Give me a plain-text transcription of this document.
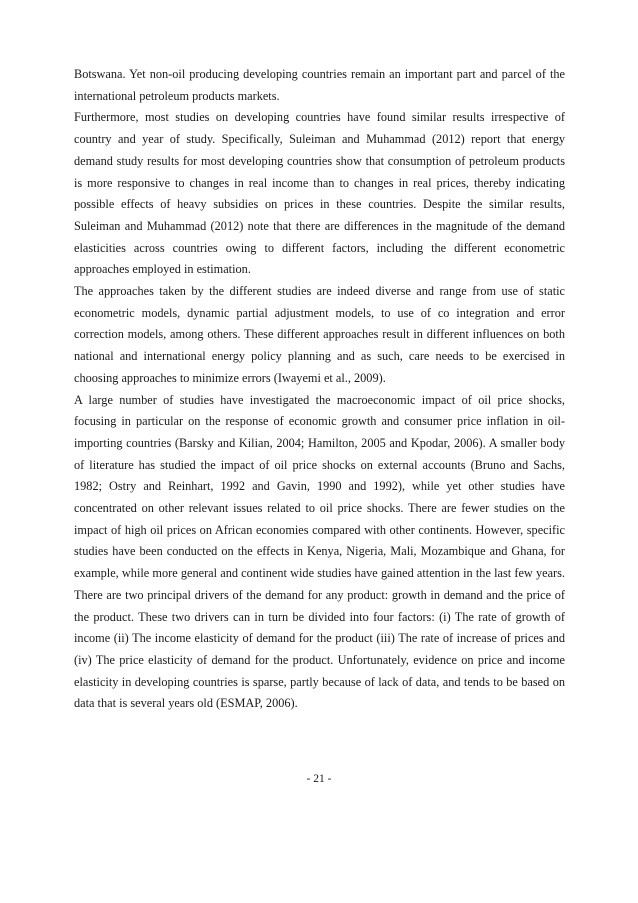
Botswana. Yet non-oil producing developing countries remain an important part and parcel of the international petroleum products markets.

Furthermore, most studies on developing countries have found similar results irrespective of country and year of study. Specifically, Suleiman and Muhammad (2012) report that energy demand study results for most developing countries show that consumption of petroleum products is more responsive to changes in real income than to changes in real prices, thereby indicating possible effects of heavy subsidies on prices in these countries. Despite the similar results, Suleiman and Muhammad (2012) note that there are differences in the magnitude of the demand elasticities across countries owing to different factors, including the different econometric approaches employed in estimation.

The approaches taken by the different studies are indeed diverse and range from use of static econometric models, dynamic partial adjustment models, to use of co integration and error correction models, among others. These different approaches result in different influences on both national and international energy policy planning and as such, care needs to be exercised in choosing approaches to minimize errors (Iwayemi et al., 2009).

A large number of studies have investigated the macroeconomic impact of oil price shocks, focusing in particular on the response of economic growth and consumer price inflation in oil-importing countries (Barsky and Kilian, 2004; Hamilton, 2005 and Kpodar, 2006). A smaller body of literature has studied the impact of oil price shocks on external accounts (Bruno and Sachs, 1982; Ostry and Reinhart, 1992 and Gavin, 1990 and 1992), while yet other studies have concentrated on other relevant issues related to oil price shocks. There are fewer studies on the impact of high oil prices on African economies compared with other continents. However, specific studies have been conducted on the effects in Kenya, Nigeria, Mali, Mozambique and Ghana, for example, while more general and continent wide studies have gained attention in the last few years. There are two principal drivers of the demand for any product: growth in demand and the price of the product. These two drivers can in turn be divided into four factors: (i) The rate of growth of income (ii) The income elasticity of demand for the product (iii) The rate of increase of prices and (iv) The price elasticity of demand for the product. Unfortunately, evidence on price and income elasticity in developing countries is sparse, partly because of lack of data, and tends to be based on data that is several years old (ESMAP, 2006).

- 21 -
